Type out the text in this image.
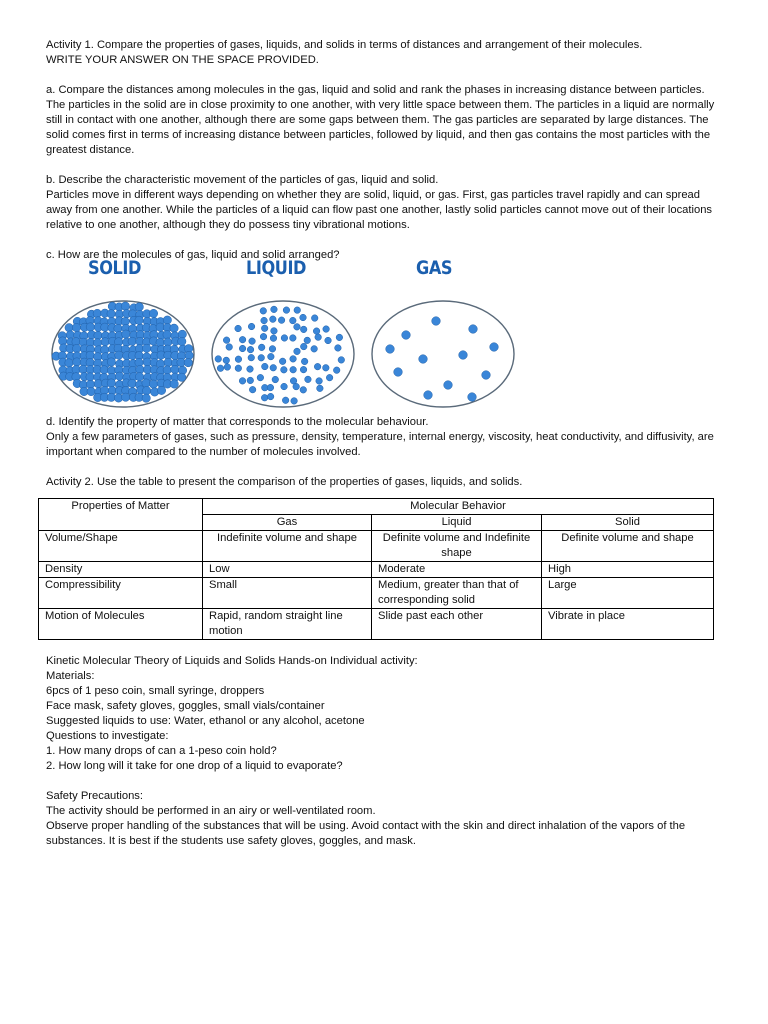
Activity 1. Compare the properties of gases, liquids, and solids in terms of distances and arrangement of their molecules.

WRITE YOUR ANSWER ON THE SPACE PROVIDED.

a. Compare the distances among molecules in the gas, liquid and solid and rank the phases in increasing distance between particles.

The particles in the solid are in close proximity to one another, with very little space between them. The particles in a liquid are normally still in contact with one another, although there are some gaps between them. The gas particles are separated by large distances. The solid comes first in terms of increasing distance between particles, followed by liquid, and then gas contains the most particles with the greatest distance.

b. Describe the characteristic movement of the particles of gas, liquid and solid.

Particles move in different ways depending on whether they are solid, liquid, or gas. First, gas particles travel rapidly and can spread away from one another. While the particles of a liquid can flow past one another, lastly solid particles cannot move out of their locations relative to one another, although they do possess tiny vibrational motions.

c. How are the molecules of gas, liquid and solid arranged?

SOLID	LIQUID	GAS

d. Identify the property of matter that corresponds to the molecular behaviour.

Only a few parameters of gases, such as pressure, density, temperature, internal energy, viscosity, heat conductivity, and diffusivity, are important when compared to the number of molecules involved.

Activity 2. Use the table to present the comparison of the properties of gases, liquids, and solids.

Properties of Matter	Molecular Behavior		
	Gas	Liquid	Solid
Volume/Shape	Indefinite volume and shape	Definite volume and Indefinite shape	Definite volume and shape
Density	Low	Moderate	High
Compressibility	Small	Medium, greater than that of corresponding solid	Large
Motion of Molecules	Rapid, random straight line motion	Slide past each other	Vibrate in place

Kinetic Molecular Theory of Liquids and Solids Hands-on Individual activity:

Materials:

6pcs of 1 peso coin, small syringe, droppers

Face mask, safety gloves, goggles, small vials/container

Suggested liquids to use: Water, ethanol or any alcohol, acetone

Questions to investigate:

1. How many drops of can a 1-peso coin hold?

2. How long will it take for one drop of a liquid to evaporate?

Safety Precautions:

The activity should be performed in an airy or well-ventilated room.

Observe proper handling of the substances that will be using. Avoid contact with the skin and direct inhalation of the vapors of the substances. It is best if the students use safety gloves, goggles, and mask.
